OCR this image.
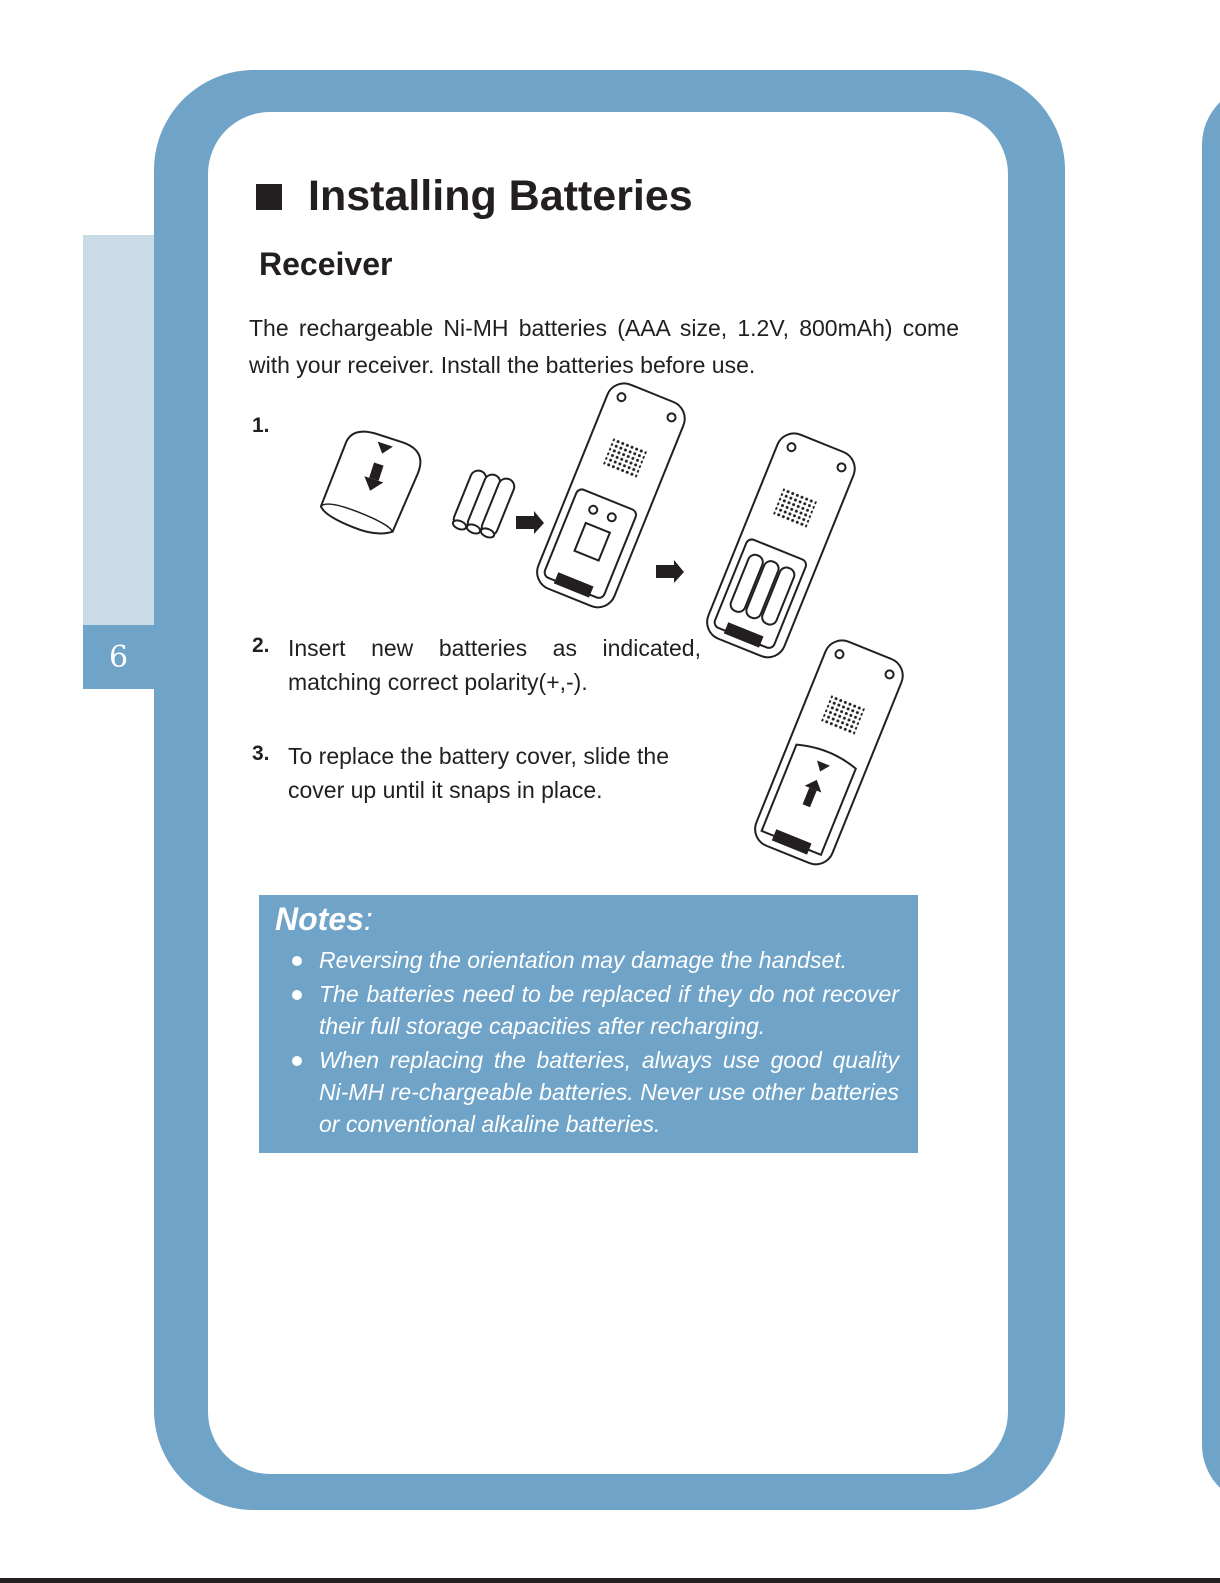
6
Installing Batteries
Receiver
The rechargeable Ni-MH batteries (AAA size, 1.2V, 800mAh) come with your receiver. Install the batteries before use.
1.
2. Insert new batteries as indicated, matching correct polarity(+,-).
3. To replace the battery cover, slide the cover up until it snaps in place.
Notes:
Reversing the orientation may damage the handset.
The batteries need to be replaced if they do not recover their full storage capacities after recharging.
When replacing the batteries, always use good quality Ni-MH re-chargeable batteries. Never use other batteries or conventional alkaline batteries.
